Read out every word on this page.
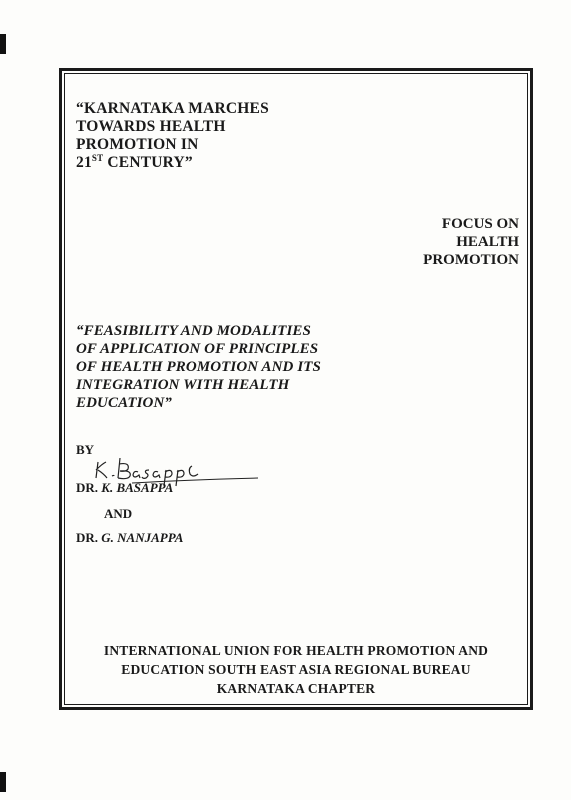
“KARNATAKA MARCHES
TOWARDS HEALTH
PROMOTION IN
21ST CENTURY”
FOCUS ON
HEALTH
PROMOTION
“FEASIBILITY AND MODALITIES
OF APPLICATION OF PRINCIPLES
OF HEALTH PROMOTION AND ITS
INTEGRATION WITH HEALTH
EDUCATION”
BY
DR. K. BASAPPA
AND
DR. G. NANJAPPA
INTERNATIONAL UNION FOR HEALTH PROMOTION AND
EDUCATION SOUTH EAST ASIA REGIONAL BUREAU
KARNATAKA CHAPTER
